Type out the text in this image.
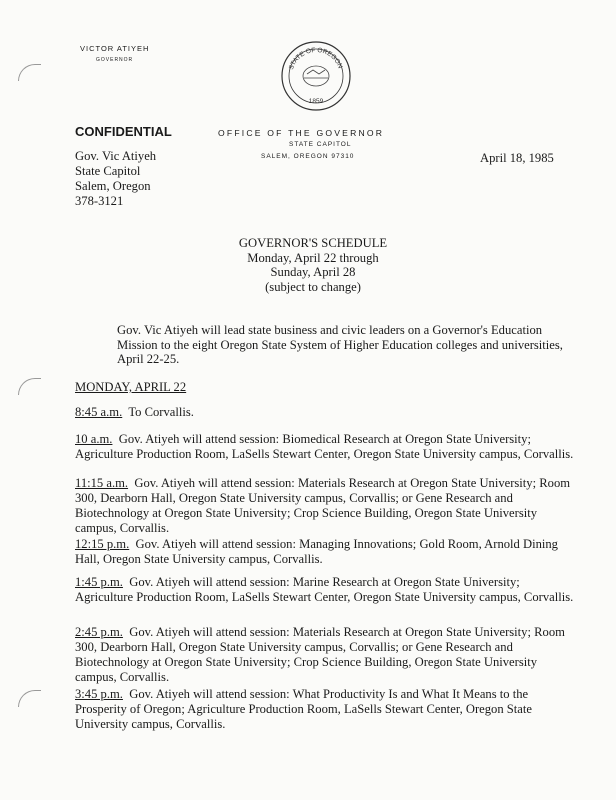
VICTOR ATIYEH
GOVERNOR
STATE OF OREGON
1859
OFFICE OF THE GOVERNOR
STATE CAPITOL
SALEM, OREGON 97310
CONFIDENTIAL
Gov. Vic Atiyeh
State Capitol
Salem, Oregon
378-3121
April 18, 1985
GOVERNOR'S SCHEDULE
Monday, April 22 through
Sunday, April 28
(subject to change)
Gov. Vic Atiyeh will lead state business and civic leaders on a Governor's Education Mission to the eight Oregon State System of Higher Education colleges and universities, April 22-25.
MONDAY, APRIL 22
8:45 a.m. To Corvallis.
10 a.m. Gov. Atiyeh will attend session: Biomedical Research at Oregon State University; Agriculture Production Room, LaSells Stewart Center, Oregon State University campus, Corvallis.
11:15 a.m. Gov. Atiyeh will attend session: Materials Research at Oregon State University; Room 300, Dearborn Hall, Oregon State University campus, Corvallis; or Gene Research and Biotechnology at Oregon State University; Crop Science Building, Oregon State University campus, Corvallis.
12:15 p.m. Gov. Atiyeh will attend session: Managing Innovations; Gold Room, Arnold Dining Hall, Oregon State University campus, Corvallis.
1:45 p.m. Gov. Atiyeh will attend session: Marine Research at Oregon State University; Agriculture Production Room, LaSells Stewart Center, Oregon State University campus, Corvallis.
2:45 p.m. Gov. Atiyeh will attend session: Materials Research at Oregon State University; Room 300, Dearborn Hall, Oregon State University campus, Corvallis; or Gene Research and Biotechnology at Oregon State University; Crop Science Building, Oregon State University campus, Corvallis.
3:45 p.m. Gov. Atiyeh will attend session: What Productivity Is and What It Means to the Prosperity of Oregon; Agriculture Production Room, LaSells Stewart Center, Oregon State University campus, Corvallis.
